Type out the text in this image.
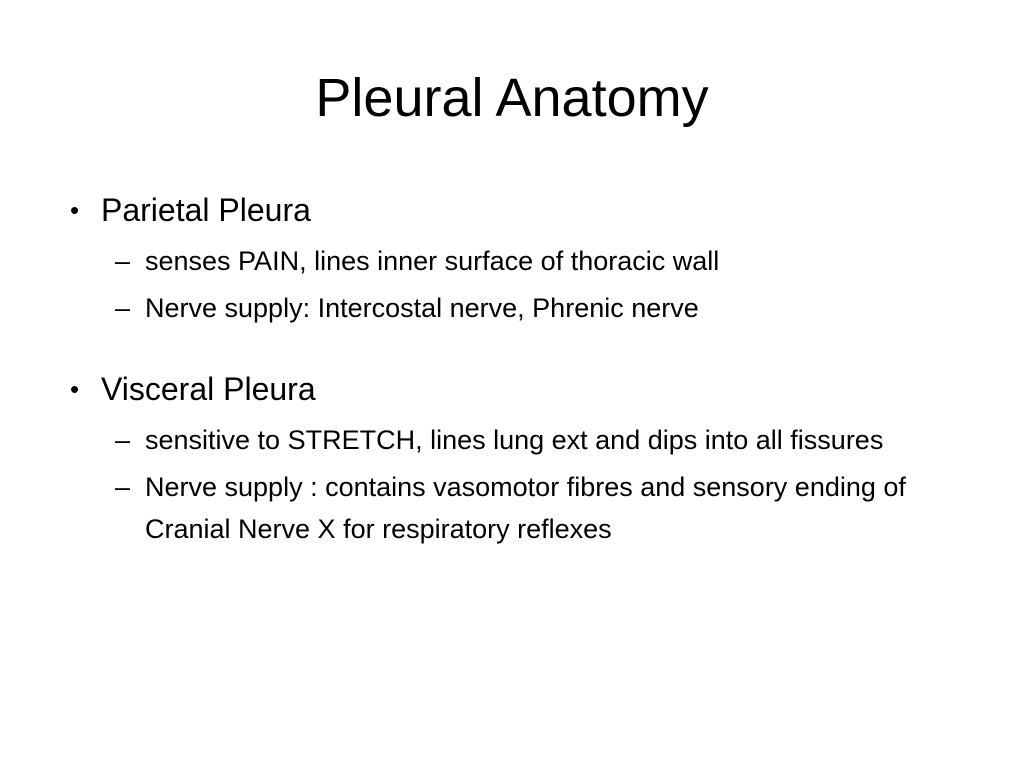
Pleural Anatomy
• Parietal Pleura
– senses PAIN, lines inner surface of thoracic wall
– Nerve supply: Intercostal nerve, Phrenic nerve
• Visceral Pleura
– sensitive to STRETCH, lines lung ext and dips into all fissures
– Nerve supply : contains vasomotor fibres and sensory ending of Cranial Nerve X for respiratory reflexes
